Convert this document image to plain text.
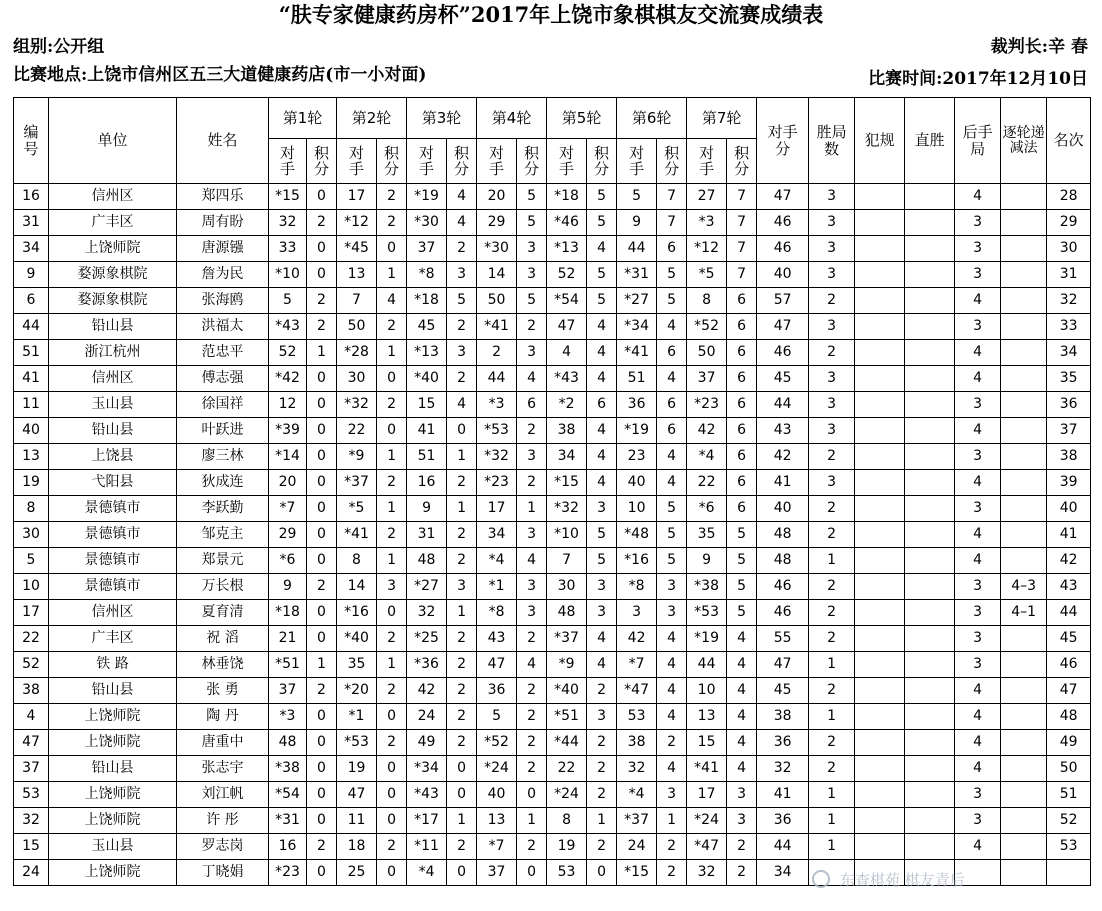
“肤专家健康药房杯”2017年上饶市象棋棋友交流赛成绩表
组别:公开组	裁判长:辛 春
比赛地点:上饶市信州区五三大道健康药店(市一小对面)	比赛时间:2017年12月10日
编号	单位	姓名	第1轮		第2轮		第3轮		第4轮		第5轮		第6轮		第7轮		对手分	胜局数	犯规	直胜	后手局	逐轮递减法	名次

			对手	积分	对手	积分	对手	积分	对手	积分	对手	积分	对手	积分	对手	积分							

16	信州区	郑四乐	*15	0	17	2	*19	4	20	5	*18	5	5	7	27	7	47	3			4		28
31	广丰区	周有盼	32	2	*12	2	*30	4	29	5	*46	5	9	7	*3	7	46	3			3		29
34	上饶师院	唐源镪	33	0	*45	0	37	2	*30	3	*13	4	44	6	*12	7	46	3			3		30
9	婺源象棋院	詹为民	*10	0	13	1	*8	3	14	3	52	5	*31	5	*5	7	40	3			3		31
6	婺源象棋院	张海鸥	5	2	7	4	*18	5	50	5	*54	5	*27	5	8	6	57	2			4		32
44	铅山县	洪福太	*43	2	50	2	45	2	*41	2	47	4	*34	4	*52	6	47	3			3		33
51	浙江杭州	范忠平	52	1	*28	1	*13	3	2	3	4	4	*41	6	50	6	46	2			4		34
41	信州区	傅志强	*42	0	30	0	*40	2	44	4	*43	4	51	4	37	6	45	3			4		35
11	玉山县	徐国祥	12	0	*32	2	15	4	*3	6	*2	6	36	6	*23	6	44	3			3		36
40	铅山县	叶跃进	*39	0	22	0	41	0	*53	2	38	4	*19	6	42	6	43	3			4		37
13	上饶县	廖三林	*14	0	*9	1	51	1	*32	3	34	4	23	4	*4	6	42	2			3		38
19	弋阳县	狄成连	20	0	*37	2	16	2	*23	2	*15	4	40	4	22	6	41	3			4		39
8	景德镇市	李跃勤	*7	0	*5	1	9	1	17	1	*32	3	10	5	*6	6	40	2			3		40
30	景德镇市	邹克主	29	0	*41	2	31	2	34	3	*10	5	*48	5	35	5	48	2			4		41
5	景德镇市	郑景元	*6	0	8	1	48	2	*4	4	7	5	*16	5	9	5	48	1			4		42
10	景德镇市	万长根	9	2	14	3	*27	3	*1	3	30	3	*8	3	*38	5	46	2			3	4–3	43
17	信州区	夏育清	*18	0	*16	0	32	1	*8	3	48	3	3	3	*53	5	46	2			3	4–1	44
22	广丰区	祝 滔	21	0	*40	2	*25	2	43	2	*37	4	42	4	*19	4	55	2			3		45
52	铁 路	林垂饶	*51	1	35	1	*36	2	47	4	*9	4	*7	4	44	4	47	1			3		46
38	铅山县	张 勇	37	2	*20	2	42	2	36	2	*40	2	*47	4	10	4	45	2			4		47
4	上饶师院	陶 丹	*3	0	*1	0	24	2	5	2	*51	3	53	4	13	4	38	1			4		48
47	上饶师院	唐重中	48	0	*53	2	49	2	*52	2	*44	2	38	2	15	4	36	2			4		49
37	铅山县	张志宇	*38	0	19	0	*34	0	*24	2	22	2	32	4	*41	4	32	2			4		50
53	上饶师院	刘江帆	*54	0	47	0	*43	0	40	0	*24	2	*4	3	17	3	41	1			3		51
32	上饶师院	许 彤	*31	0	11	0	*17	1	13	1	8	1	*37	1	*24	3	36	1			3		52
15	玉山县	罗志岗	16	2	18	2	*11	2	*7	2	19	2	24	2	*47	2	44	1			4		53
24	上饶师院	丁晓娟	*23	0	25	0	*4	0	37	0	53	0	*15	2	32	2	34							东查棋苑 棋友青后
